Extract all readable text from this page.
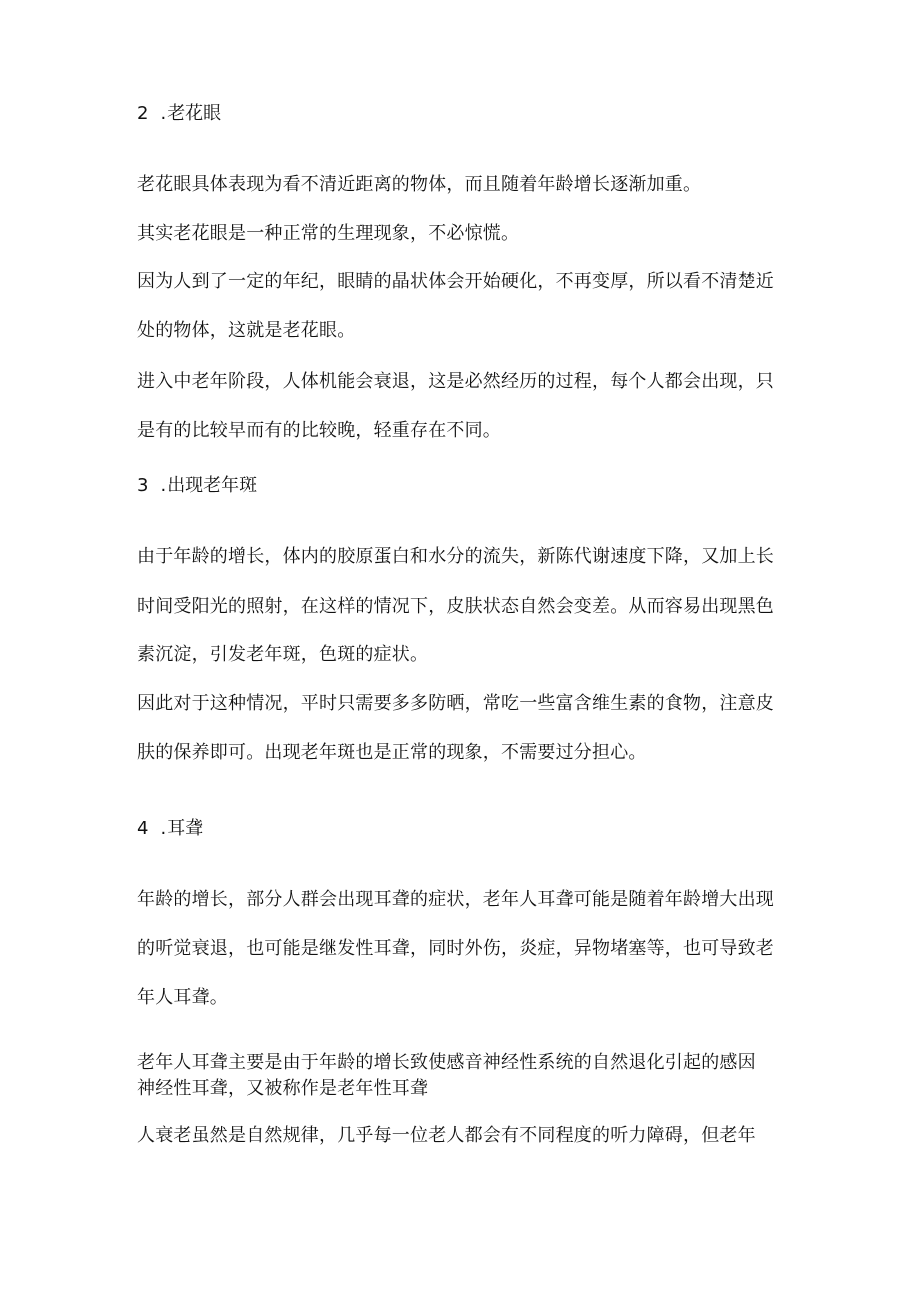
2 .老花眼
老花眼具体表现为看不清近距离的物体，而且随着年龄增长逐渐加重。
其实老花眼是一种正常的生理现象，不必惊慌。
因为人到了一定的年纪，眼睛的晶状体会开始硬化，不再变厚，所以看不清楚近
处的物体，这就是老花眼。
进入中老年阶段，人体机能会衰退，这是必然经历的过程，每个人都会出现，只
是有的比较早而有的比较晚，轻重存在不同。
3 .出现老年斑
由于年龄的增长，体内的胶原蛋白和水分的流失，新陈代谢速度下降，又加上长
时间受阳光的照射，在这样的情况下，皮肤状态自然会变差。从而容易出现黑色
素沉淀，引发老年斑，色斑的症状。
因此对于这种情况，平时只需要多多防晒，常吃一些富含维生素的食物，注意皮
肤的保养即可。出现老年斑也是正常的现象，不需要过分担心。
4 .耳聋
年龄的增长，部分人群会出现耳聋的症状，老年人耳聋可能是随着年龄增大出现
的听觉衰退，也可能是继发性耳聋，同时外伤，炎症，异物堵塞等，也可导致老
年人耳聋。
老年人耳聋主要是由于年龄的增长致使感音神经性系统的自然退化引起的感因
神经性耳聋，又被称作是老年性耳聋
人衰老虽然是自然规律，几乎每一位老人都会有不同程度的听力障碍，但老年
